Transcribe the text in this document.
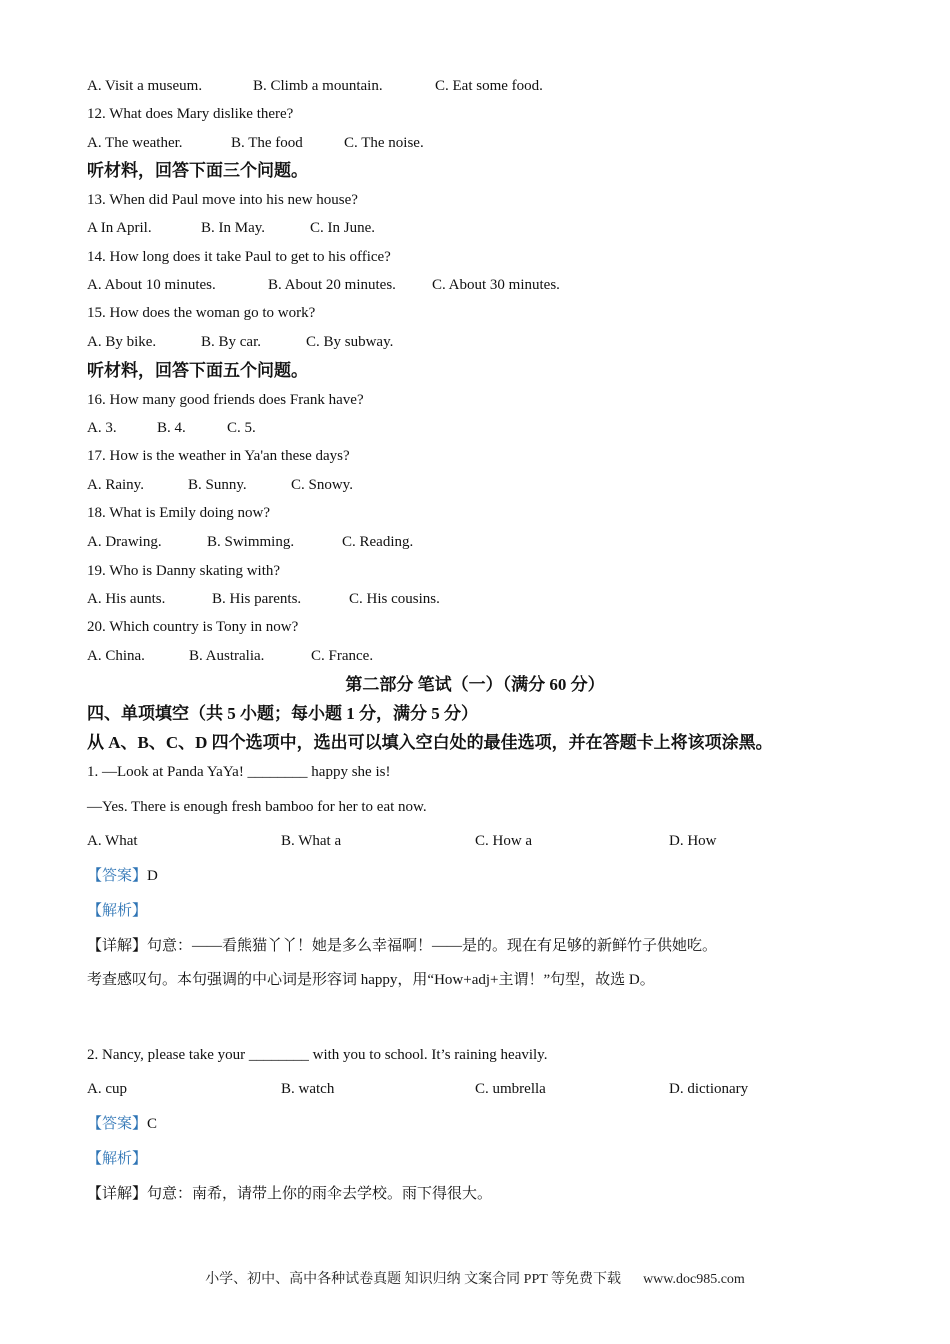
A. Visit a museum.	B. Climb a mountain.	C. Eat some food.
12. What does Mary dislike there?
A. The weather.	B. The food	C. The noise.
听材料，回答下面三个问题。
13. When did Paul move into his new house?
A In April.	B. In May.	C. In June.
14. How long does it take Paul to get to his office?
A. About 10 minutes.	B. About 20 minutes. C. About 30 minutes.
15. How does the woman go to work?
A. By bike.	B. By car.	C. By subway.
听材料，回答下面五个问题。
16. How many good friends does Frank have?
A. 3.	B. 4.	C. 5.
17. How is the weather in Ya'an these days?
A. Rainy.	B. Sunny.	C. Snowy.
18. What is Emily doing now?
A. Drawing.	B. Swimming.	C. Reading.
19. Who is Danny skating with?
A. His aunts.	B. His parents.	C. His cousins.
20. Which country is Tony in now?
A. China.	B. Australia.	C. France.
第二部分 笔试（一）（满分 60 分）
四、单项填空（共 5 小题；每小题 1 分，满分 5 分）
从 A、B、C、D 四个选项中，选出可以填入空白处的最佳选项，并在答题卡上将该项涂黑。
1. —Look at Panda YaYa! ________ happy she is!
—Yes. There is enough fresh bamboo for her to eat now.
A. What	B. What a	C. How a	D. How
【答案】D
【解析】
【详解】句意：——看熊猫丫丫！她是多么幸福啊！——是的。现在有足够的新鲜竹子供她吃。
考查感叹句。本句强调的中心词是形容词 happy，用“How+adj+主谓！”句型，故选 D。
2. Nancy, please take your ________ with you to school. It’s raining heavily.
A. cup	B. watch	C. umbrella	D. dictionary
【答案】C
【解析】
【详解】句意：南希，请带上你的雨伞去学校。雨下得很大。
小学、初中、高中各种试卷真题 知识归纳 文案合同 PPT 等免费下载 www.doc985.com
